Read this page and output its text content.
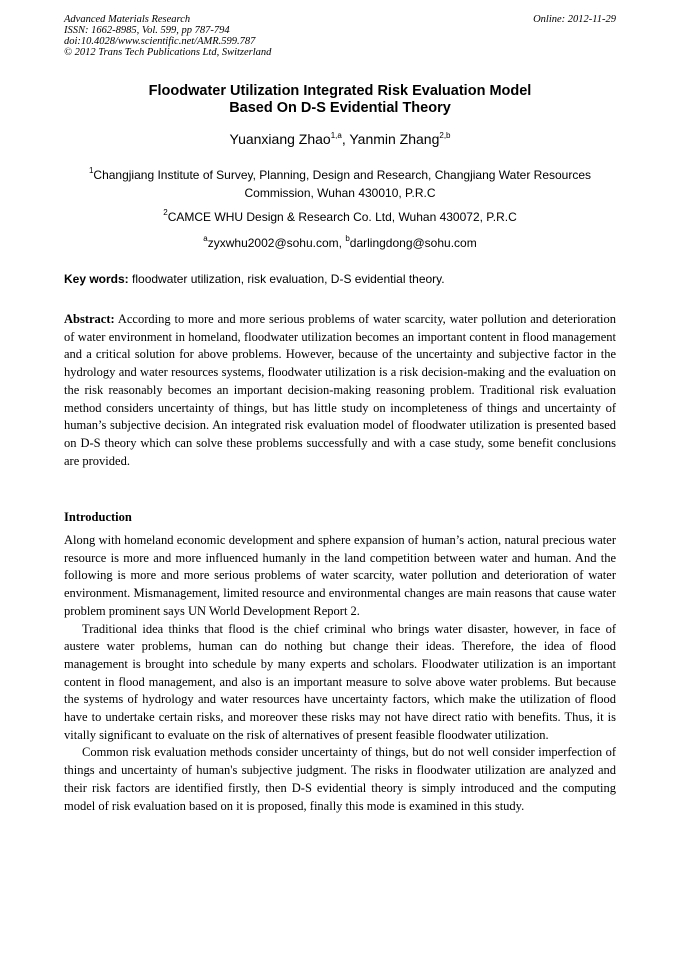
Advanced Materials Research
ISSN: 1662-8985, Vol. 599, pp 787-794
doi:10.4028/www.scientific.net/AMR.599.787
© 2012 Trans Tech Publications Ltd, Switzerland
Online: 2012-11-29
Floodwater Utilization Integrated Risk Evaluation Model
Based On D-S Evidential Theory
Yuanxiang Zhao$^{1,a}$, Yanmin Zhang$^{2,b}$
$^1$Changjiang Institute of Survey, Planning, Design and Research, Changjiang Water Resources Commission, Wuhan 430010, P.R.C
$^2$CAMCE WHU Design & Research Co. Ltd, Wuhan 430072, P.R.C
$^a$zyxwhu2002@sohu.com, $^b$darlingdong@sohu.com
Key words: floodwater utilization, risk evaluation, D-S evidential theory.
Abstract: According to more and more serious problems of water scarcity, water pollution and deterioration of water environment in homeland, floodwater utilization becomes an important content in flood management and a critical solution for above problems. However, because of the uncertainty and subjective factor in the hydrology and water resources systems, floodwater utilization is a risk decision-making and the evaluation on the risk reasonably becomes an important decision-making reasoning problem. Traditional risk evaluation method considers uncertainty of things, but has little study on incompleteness of things and uncertainty of human’s subjective decision. An integrated risk evaluation model of floodwater utilization is presented based on D-S theory which can solve these problems successfully and with a case study, some benefit conclusions are provided.
Introduction

Along with homeland economic development and sphere expansion of human’s action, natural precious water resource is more and more influenced humanly in the land competition between water and human. And the following is more and more serious problems of water scarcity, water pollution and deterioration of water environment. Mismanagement, limited resource and environmental changes are main reasons that cause water problem prominent says UN World Development Report 2.

Traditional idea thinks that flood is the chief criminal who brings water disaster, however, in face of austere water problems, human can do nothing but change their ideas. Therefore, the idea of flood management is brought into schedule by many experts and scholars. Floodwater utilization is an important content in flood management, and also is an important measure to solve above water problems. But because the systems of hydrology and water resources have uncertainty factors, which make the utilization of flood have to undertake certain risks, and moreover these risks may not have direct ratio with benefits. Thus, it is vitally significant to evaluate on the risk of alternatives of present feasible floodwater utilization.

Common risk evaluation methods consider uncertainty of things, but do not well consider imperfection of things and uncertainty of human's subjective judgment. The risks in floodwater utilization are analyzed and their risk factors are identified firstly, then D-S evidential theory is simply introduced and the computing model of risk evaluation based on it is proposed, finally this mode is examined in this study.
